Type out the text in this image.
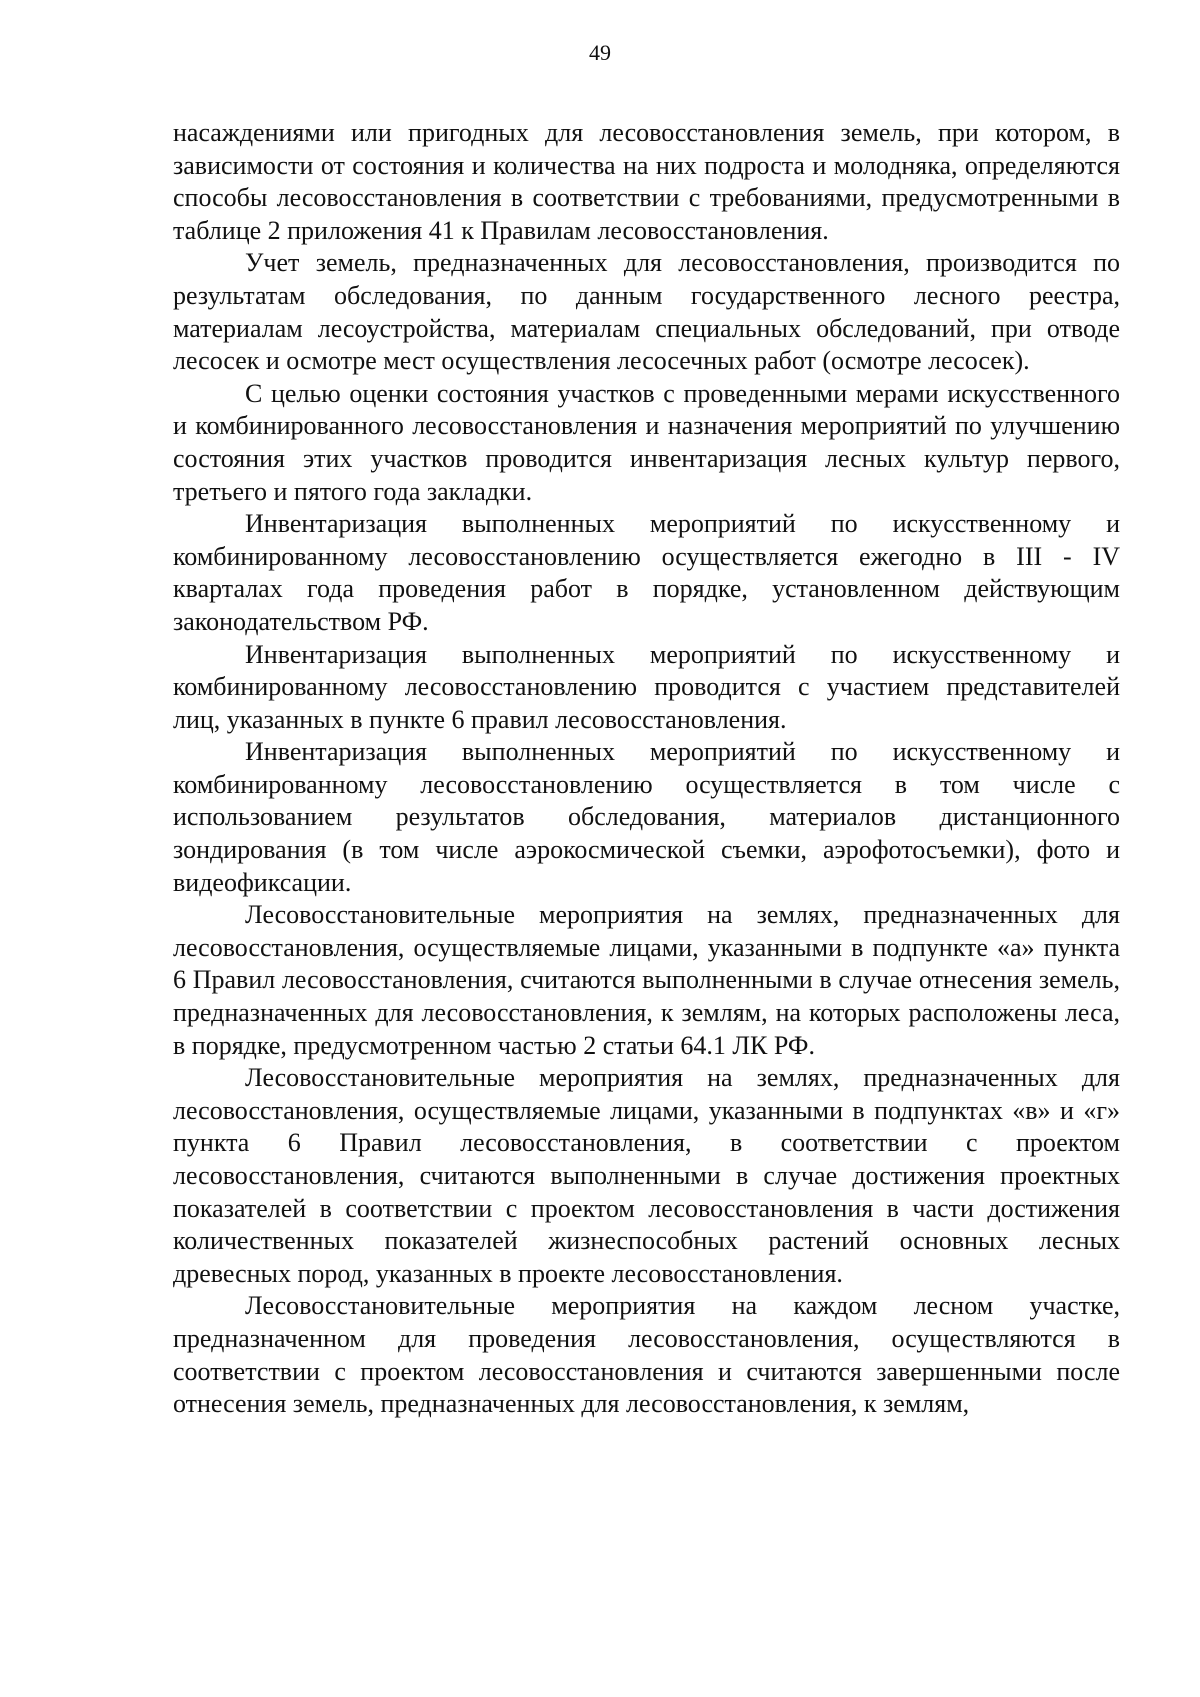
49

насаждениями или пригодных для лесовосстановления земель, при котором, в зависимости от состояния и количества на них подроста и молодняка, определяются способы лесовосстановления в соответствии с требованиями, предусмотренными в таблице 2 приложения 41 к Правилам лесовосстановления.

Учет земель, предназначенных для лесовосстановления, производится по результатам обследования, по данным государственного лесного реестра, материалам лесоустройства, материалам специальных обследований, при отводе лесосек и осмотре мест осуществления лесосечных работ (осмотре лесосек).

С целью оценки состояния участков с проведенными мерами искусственного и комбинированного лесовосстановления и назначения мероприятий по улучшению состояния этих участков проводится инвентаризация лесных культур первого, третьего и пятого года закладки.

Инвентаризация выполненных мероприятий по искусственному и комбинированному лесовосстановлению осуществляется ежегодно в III - IV кварталах года проведения работ в порядке, установленном действующим законодательством РФ.

Инвентаризация выполненных мероприятий по искусственному и комбинированному лесовосстановлению проводится с участием представителей лиц, указанных в пункте 6 правил лесовосстановления.

Инвентаризация выполненных мероприятий по искусственному и комбинированному лесовосстановлению осуществляется в том числе с использованием результатов обследования, материалов дистанционного зондирования (в том числе аэрокосмической съемки, аэрофотосъемки), фото и видеофиксации.

Лесовосстановительные мероприятия на землях, предназначенных для лесовосстановления, осуществляемые лицами, указанными в подпункте «а» пункта 6 Правил лесовосстановления, считаются выполненными в случае отнесения земель, предназначенных для лесовосстановления, к землям, на которых расположены леса, в порядке, предусмотренном частью 2 статьи 64.1 ЛК РФ.

Лесовосстановительные мероприятия на землях, предназначенных для лесовосстановления, осуществляемые лицами, указанными в подпунктах «в» и «г» пункта 6 Правил лесовосстановления, в соответствии с проектом лесовосстановления, считаются выполненными в случае достижения проектных показателей в соответствии с проектом лесовосстановления в части достижения количественных показателей жизнеспособных растений основных лесных древесных пород, указанных в проекте лесовосстановления.

Лесовосстановительные мероприятия на каждом лесном участке, предназначенном для проведения лесовосстановления, осуществляются в соответствии с проектом лесовосстановления и считаются завершенными после отнесения земель, предназначенных для лесовосстановления, к землям,
